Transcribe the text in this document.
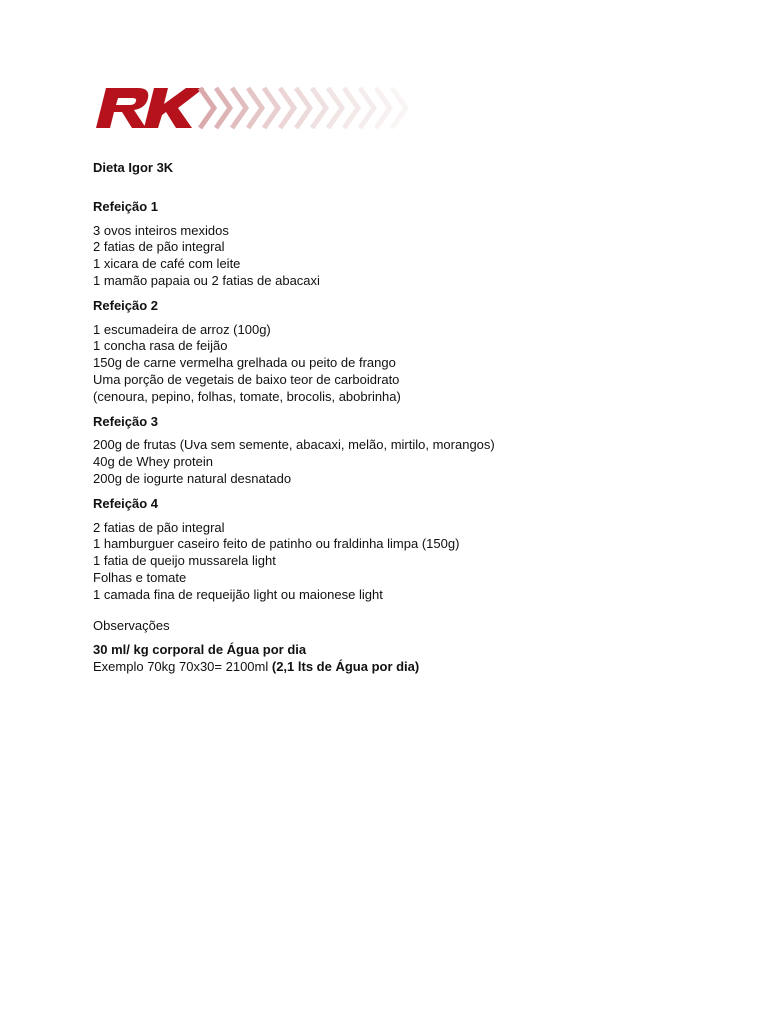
Dieta Igor 3K
Refeição 1
3 ovos inteiros mexidos
2 fatias de pão integral
1 xicara de café com leite
1 mamão papaia ou 2 fatias de abacaxi
Refeição 2
1 escumadeira de arroz (100g)
1 concha rasa de feijão
150g de carne vermelha grelhada ou peito de frango
Uma porção de vegetais de baixo teor de carboidrato
(cenoura, pepino, folhas, tomate, brocolis, abobrinha)
Refeição 3
200g de frutas (Uva sem semente, abacaxi, melão, mirtilo, morangos)
40g de Whey protein
200g de iogurte natural desnatado
Refeição 4
2 fatias de pão integral
1 hamburguer caseiro feito de patinho ou fraldinha limpa (150g)
1 fatia de queijo mussarela light
Folhas e tomate
1 camada fina de requeijão light ou maionese light
Observações
30 ml/ kg corporal de Água por dia
Exemplo 70kg 70x30= 2100ml (2,1 lts de Água por dia)
